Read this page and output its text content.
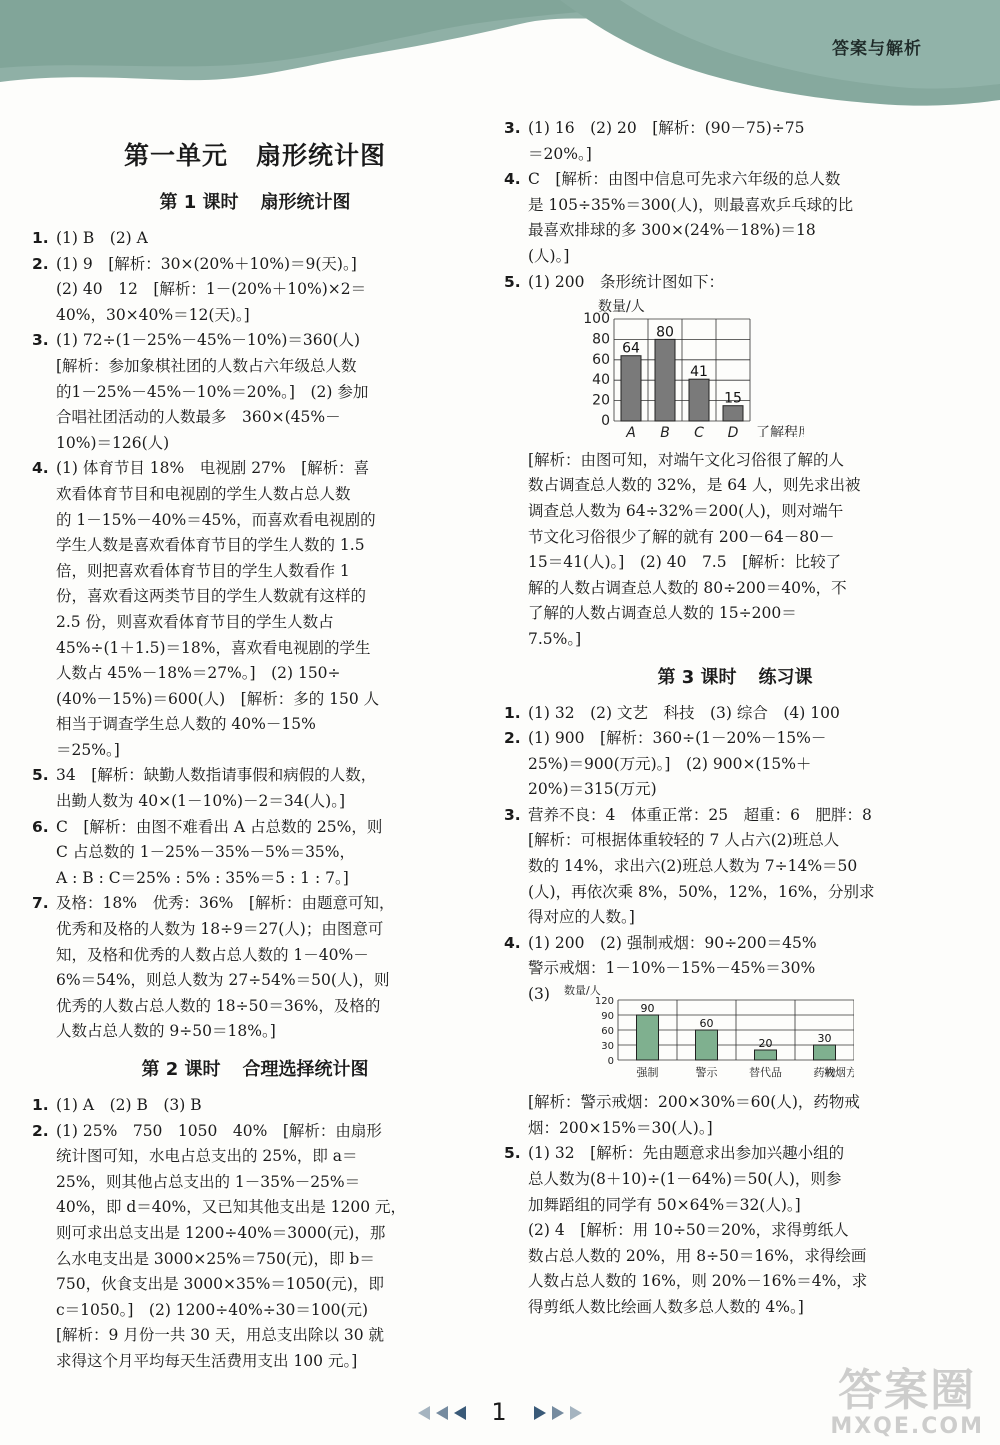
答案与解析
第一单元 扇形统计图
第 1 课时 扇形统计图
1. (1) B　(2) A
2. (1) 9　[解析：30×(20%＋10%)＝9(天)。]
(2) 40　12　[解析：1－(20%＋10%)×2＝
40%，30×40%＝12(天)。]
3. (1) 72÷(1－25%－45%－10%)＝360(人)
[解析：参加象棋社团的人数占六年级总人数
的1－25%－45%－10%＝20%。]　(2) 参加
合唱社团活动的人数最多　360×(45%－
10%)＝126(人)
4. (1) 体育节目 18%　电视剧 27%　[解析：喜
欢看体育节目和电视剧的学生人数占总人数
的 1－15%－40%＝45%，而喜欢看电视剧的
学生人数是喜欢看体育节目的学生人数的 1.5
倍，则把喜欢看体育节目的学生人数看作 1
份，喜欢看这两类节目的学生人数就有这样的
2.5 份，则喜欢看体育节目的学生人数占
45%÷(1＋1.5)＝18%，喜欢看电视剧的学生
人数占 45%－18%＝27%。]　(2) 150÷
(40%－15%)＝600(人)　[解析：多的 150 人
相当于调查学生总人数的 40%－15%
＝25%。]
5. 34　[解析：缺勤人数指请事假和病假的人数，
出勤人数为 40×(1－10%)－2＝34(人)。]
6. C　[解析：由图不难看出 A 占总数的 25%，则
C 占总数的 1－25%－35%－5%＝35%，
A : B : C＝25% : 5% : 35%＝5 : 1 : 7。]
7. 及格：18%　优秀：36%　[解析：由题意可知，
优秀和及格的人数为 18÷9＝27(人)；由图意可
知，及格和优秀的人数占总人数的 1－40%－
6%＝54%，则总人数为 27÷54%＝50(人)，则
优秀的人数占总人数的 18÷50＝36%，及格的
人数占总人数的 9÷50＝18%。]
第 2 课时 合理选择统计图
1. (1) A　(2) B　(3) B
2. (1) 25%　750　1050　40%　[解析：由扇形
统计图可知，水电占总支出的 25%，即 a＝
25%，则其他占总支出的 1－35%－25%＝
40%，即 d＝40%，又已知其他支出是 1200 元，
则可求出总支出是 1200÷40%＝3000(元)，那
么水电支出是 3000×25%＝750(元)，即 b＝
750，伙食支出是 3000×35%＝1050(元)，即
c＝1050。]　(2) 1200÷40%÷30＝100(元)
[解析：9 月份一共 30 天，用总支出除以 30 就
求得这个月平均每天生活费用支出 100 元。]
3. (1) 16　(2) 20　[解析：(90－75)÷75
＝20%。]
4. C　[解析：由图中信息可先求六年级的总人数
是 105÷35%＝300(人)，则最喜欢乒乓球的比
最喜欢排球的多 300×(24%－18%)＝18
(人)。]
5. (1) 200　条形统计图如下：
0
20
40
60
80
100
数量/人
64
A
80
B
41
C
15
D 了解程
[解析：由图可知，对端午文化习俗很了解的人
数占调查总人数的 32%，是 64 人，则先求出被
调查总人数为 64÷32%＝200(人)，则对端午
节文化习俗很少了解的就有 200－64－80－
15＝41(人)。]　(2) 40　7.5　[解析：比较了
解的人数占调查总人数的 80÷200＝40%，不
了解的人数占调查总人数的 15÷200＝
7.5%。]
第 3 课时 练习课
1. (1) 32　(2) 文艺　科技　(3) 综合　(4) 100
2. (1) 900　[解析：360÷(1－20%－15%－
25%)＝900(万元)。]　(2) 900×(15%＋
20%)＝315(万元)
3. 营养不良：4　体重正常：25　超重：6　肥胖：8
[解析：可根据体重较轻的 7 人占六(2)班总人
数的 14%，求出六(2)班总人数为 7÷14%＝50
(人)，再依次乘 8%，50%，12%，16%，分别求
得对应的人数。]
4. (1) 200　(2) 强制戒烟：90÷200＝45%
警示戒烟：1－10%－15%－45%＝30%
(3)
0
30
60
90
120
数量/人
90
强制
60
警示
20
替代品
30
药物
戒烟方
[解析：警示戒烟：200×30%＝60(人)，药物戒
烟：200×15%＝30(人)。]
5. (1) 32　[解析：先由题意求出参加兴趣小组的
总人数为(8＋10)÷(1－64%)＝50(人)，则参
加舞蹈组的同学有 50×64%＝32(人)。]
(2) 4　[解析：用 10÷50＝20%，求得剪纸人
数占总人数的 20%，用 8÷50＝16%，求得绘画
人数占总人数的 16%，则 20%－16%＝4%，求
得剪纸人数比绘画人数多总人数的 4%。]
1	答案圈
MXQE.COM
